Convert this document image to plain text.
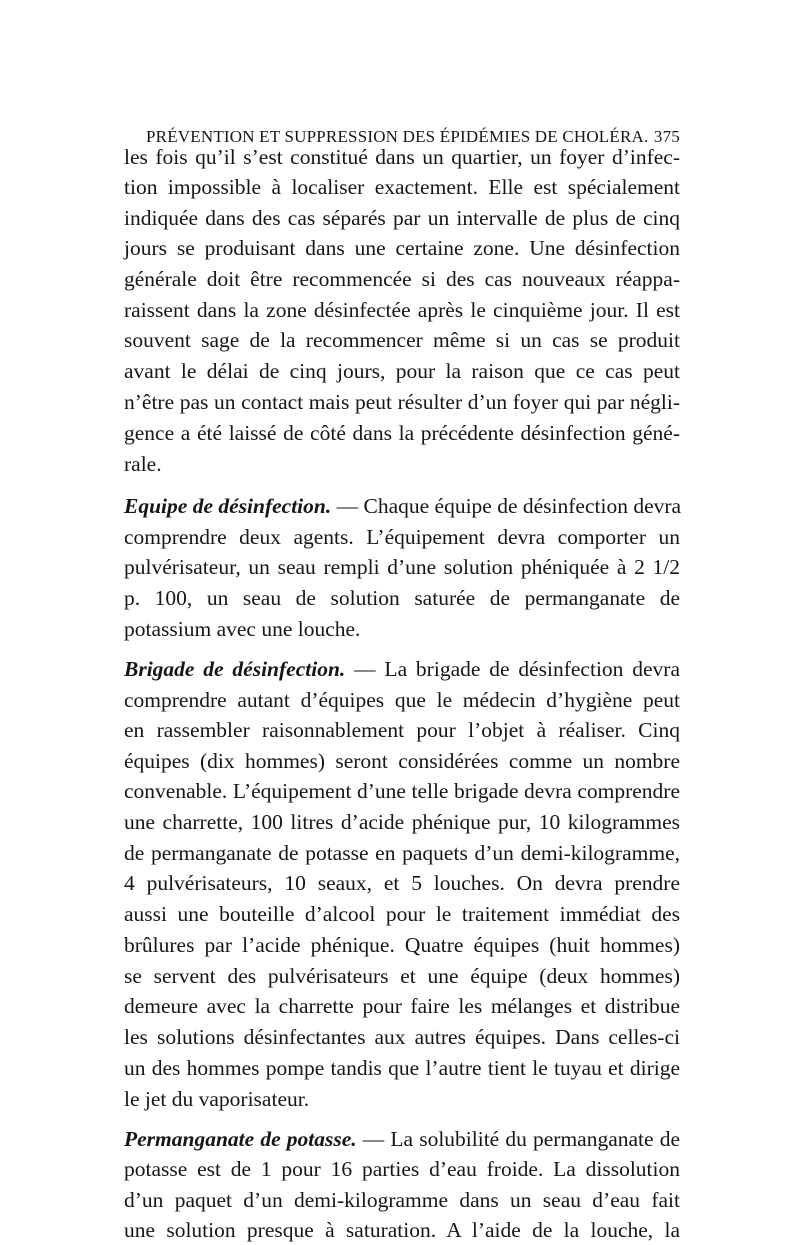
PRÉVENTION ET SUPPRESSION DES ÉPIDÉMIES DE CHOLÉRA. 375
les fois qu’il s’est constitué dans un quartier, un foyer d’infec-
tion impossible à localiser exactement. Elle est spécialement
indiquée dans des cas séparés par un intervalle de plus de cinq
jours se produisant dans une certaine zone. Une désinfection
générale doit être recommencée si des cas nouveaux réappa-
raissent dans la zone désinfectée après le cinquième jour. Il est
souvent sage de la recommencer même si un cas se produit
avant le délai de cinq jours, pour la raison que ce cas peut
n’être pas un contact mais peut résulter d’un foyer qui par négli-
gence a été laissé de côté dans la précédente désinfection géné-
rale.
Equipe de désinfection. — Chaque équipe de désinfection devra
comprendre deux agents. L’équipement devra comporter un
pulvérisateur, un seau rempli d’une solution phéniquée à 2 1/2
p. 100, un seau de solution saturée de permanganate de
potassium avec une louche.
Brigade de désinfection. — La brigade de désinfection devra
comprendre autant d’équipes que le médecin d’hygiène peut
en rassembler raisonnablement pour l’objet à réaliser. Cinq
équipes (dix hommes) seront considérées comme un nombre
convenable. L’équipement d’une telle brigade devra comprendre
une charrette, 100 litres d’acide phénique pur, 10 kilogrammes
de permanganate de potasse en paquets d’un demi-kilogramme,
4 pulvérisateurs, 10 seaux, et 5 louches. On devra prendre
aussi une bouteille d’alcool pour le traitement immédiat des
brûlures par l’acide phénique. Quatre équipes (huit hommes)
se servent des pulvérisateurs et une équipe (deux hommes)
demeure avec la charrette pour faire les mélanges et distribue
les solutions désinfectantes aux autres équipes. Dans celles-ci
un des hommes pompe tandis que l’autre tient le tuyau et dirige
le jet du vaporisateur.
Permanganate de potasse. — La solubilité du permanganate de
potasse est de 1 pour 16 parties d’eau froide. La dissolution
d’un paquet d’un demi-kilogramme dans un seau d’eau fait
une solution presque à saturation. A l’aide de la louche, la
